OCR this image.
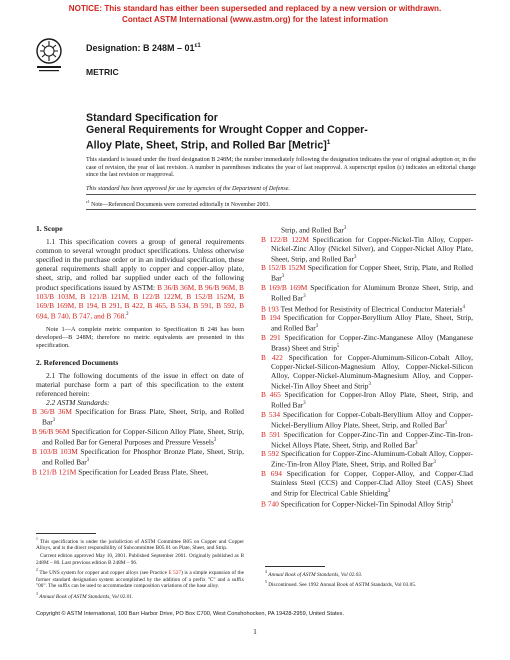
NOTICE: This standard has either been superseded and replaced by a new version or withdrawn.
Contact ASTM International (www.astm.org) for the latest information
Designation: B $248M - 01^{\varepsilon 1}$
METRIC
Standard Specification for
General Requirements for Wrought Copper and Copper-
Alloy Plate, Sheet, Strip, and Rolled Bar [Metric]$^1$
This standard is issued under the fixed designation B 248M; the number immediately following the designation indicates the year of original adoption or, in the case of revision, the year of last revision. A number in parentheses indicates the year of last reapproval. A superscript epsilon (ε) indicates an editorial change since the last revision or reapproval.
This standard has been approved for use by agencies of the Department of Defense.
$^{\varepsilon 1}$ Note—Referenced Documents were corrected editorially in November 2003.

1. Scope

1.1 This specification covers a group of general requirements common to several wrought product specifications. Unless otherwise specified in the purchase order or in an individual specification, these general requirements shall apply to copper and copper-alloy plate, sheet, strip, and rolled bar supplied under each of the following product specifications issued by ASTM: B 36/B 36M, B 96/B 96M, B 103/B 103M, B 121/B 121M, B 122/B 122M, B 152/B 152M, B 169/B 169M, B 194, B 291, B 422, B 465, B 534, B 591, B 592, B 694, B 740, B 747, and B 768.$^2$

Note 1—A complete metric companion to Specification B 248 has been developed—B 248M; therefore no metric equivalents are presented in this specification.

2. Referenced Documents

2.1 The following documents of the issue in effect on date of material purchase form a part of this specification to the extent referenced herein:

2.2 ASTM Standards:

B 36/B 36M Specification for Brass Plate, Sheet, Strip, and Rolled Bar$^3$

B 96/B 96M Specification for Copper-Silicon Alloy Plate, Sheet, Strip, and Rolled Bar for General Purposes and Pressure Vessels$^3$

B 103/B 103M Specification for Phosphor Bronze Plate, Sheet, Strip, and Rolled Bar$^3$

B 121/B 121M Specification for Leaded Brass Plate, Sheet,

Strip, and Rolled Bar$^3$

B 122/B 122M Specification for Copper-Nickel-Tin Alloy, Copper-Nickel-Zinc Alloy (Nickel Silver), and Copper-Nickel Alloy Plate, Sheet, Strip, and Rolled Bar$^3$

B 152/B 152M Specification for Copper Sheet, Strip, Plate, and Rolled Bar$^3$

B 169/B 169M Specification for Aluminum Bronze Sheet, Strip, and Rolled Bar$^3$

B 193 Test Method for Resistivity of Electrical Conductor Materials$^4$

B 194 Specification for Copper-Beryllium Alloy Plate, Sheet, Strip, and Rolled Bar$^3$

B 291 Specification for Copper-Zinc-Manganese Alloy (Manganese Brass) Sheet and Strip$^5$

B 422 Specification for Copper-Aluminum-Silicon-Cobalt Alloy, Copper-Nickel-Silicon-Magnesium Alloy, Copper-Nickel-Silicon Alloy, Copper-Nickel-Aluminum-Magnesium Alloy, and Copper-Nickel-Tin Alloy Sheet and Strip$^3$

B 465 Specification for Copper-Iron Alloy Plate, Sheet, Strip, and Rolled Bar$^3$

B 534 Specification for Copper-Cobalt-Beryllium Alloy and Copper-Nickel-Beryllium Alloy Plate, Sheet, Strip, and Rolled Bar$^3$

B 591 Specification for Copper-Zinc-Tin and Copper-Zinc-Tin-Iron-Nickel Alloys Plate, Sheet, Strip, and Rolled Bar$^3$

B 592 Specification for Copper-Zinc-Aluminum-Cobalt Alloy, Copper-Zinc-Tin-Iron Alloy Plate, Sheet, Strip, and Rolled Bar$^3$

B 694 Specification for Copper, Copper-Alloy, and Copper-Clad Stainless Steel (CCS) and Copper-Clad Alloy Steel (CAS) Sheet and Strip for Electrical Cable Shielding$^3$

B 740 Specification for Copper-Nickel-Tin Spinodal Alloy Strip$^3$

$^1$ This specification is under the jurisdiction of ASTM Committee B05 on Copper and Copper Alloys, and is the direct responsibility of Subcommittee B05.01 on Plate, Sheet, and Strip.

Current edition approved May 10, 2001. Published September 2001. Originally published as B 248M – 80. Last previous edition B 248M – 96.

$^2$ The UNS system for copper and copper alloys (see Practice E 527) is a simple expansion of the former standard designation system accomplished by the addition of a prefix "C" and a suffix "00". The suffix can be used to accommodate composition variations of the base alloy.

$^3$ Annual Book of ASTM Standards, Vol 02.01.

$^4$ Annual Book of ASTM Standards, Vol 02.03.

$^5$ Discontinued. See 1992 Annual Book of ASTM Standards, Vol 03.05.

Copyright © ASTM International, 100 Barr Harbor Drive, PO Box C700, West Conshohocken, PA 19428-2959, United States.
1
